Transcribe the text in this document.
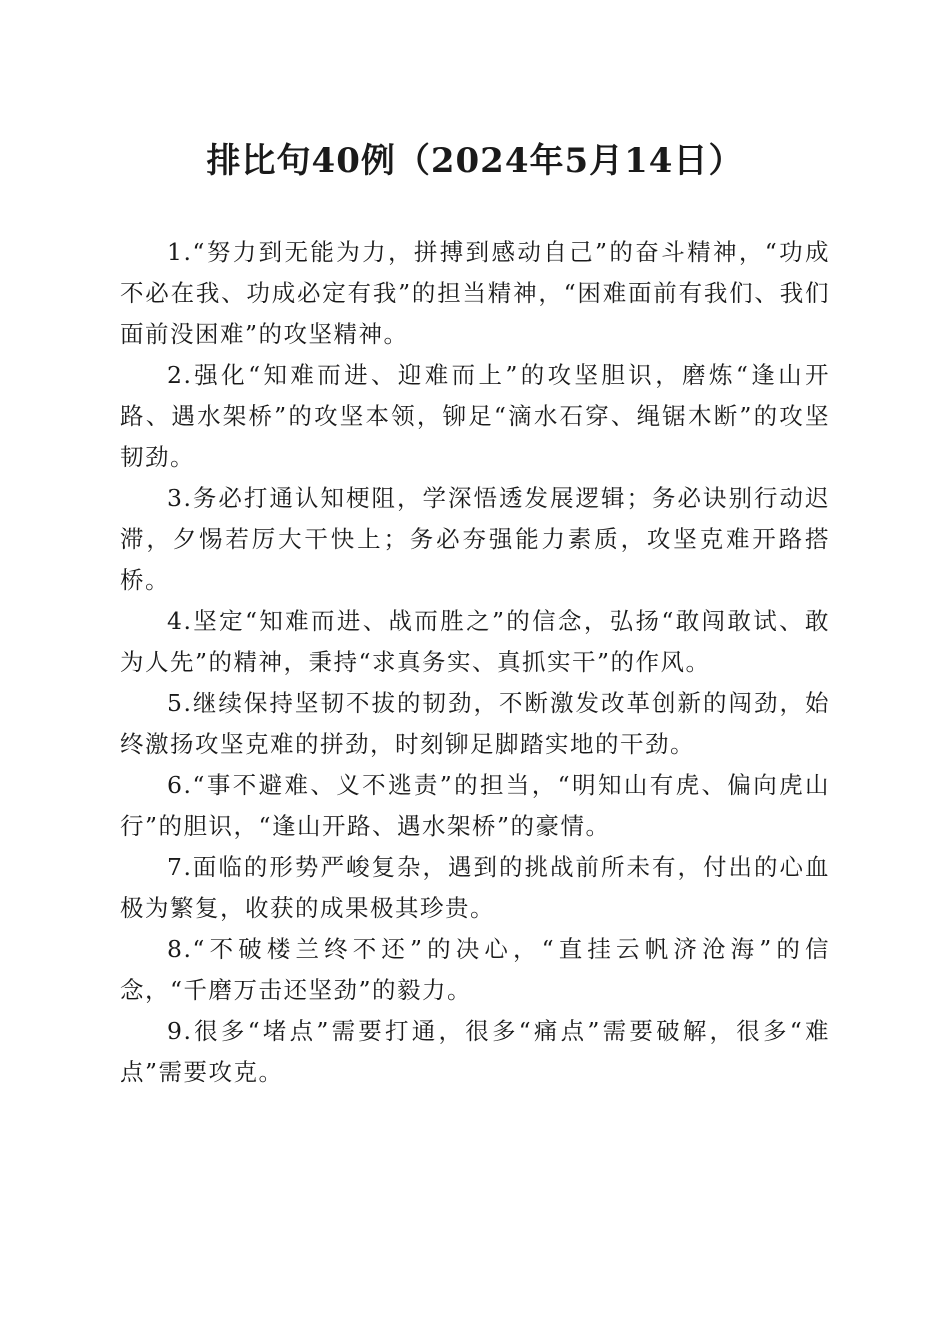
排比句40例（2024年5月14日）

1.“努力到无能为力，拼搏到感动自己”的奋斗精神，“功成不必在我、功成必定有我”的担当精神，“困难面前有我们、我们面前没困难”的攻坚精神。

2.强化“知难而进、迎难而上”的攻坚胆识，磨炼“逢山开路、遇水架桥”的攻坚本领，铆足“滴水石穿、绳锯木断”的攻坚韧劲。

3.务必打通认知梗阻，学深悟透发展逻辑；务必诀别行动迟滞，夕惕若厉大干快上；务必夯强能力素质，攻坚克难开路搭桥。

4.坚定“知难而进、战而胜之”的信念，弘扬“敢闯敢试、敢为人先”的精神，秉持“求真务实、真抓实干”的作风。

5.继续保持坚韧不拔的韧劲，不断激发改革创新的闯劲，始终激扬攻坚克难的拼劲，时刻铆足脚踏实地的干劲。

6.“事不避难、义不逃责”的担当，“明知山有虎、偏向虎山行”的胆识，“逢山开路、遇水架桥”的豪情。

7.面临的形势严峻复杂，遇到的挑战前所未有，付出的心血极为繁复，收获的成果极其珍贵。

8.“不破楼兰终不还”的决心，“直挂云帆济沧海”的信念，“千磨万击还坚劲”的毅力。

9.很多“堵点”需要打通，很多“痛点”需要破解，很多“难点”需要攻克。
